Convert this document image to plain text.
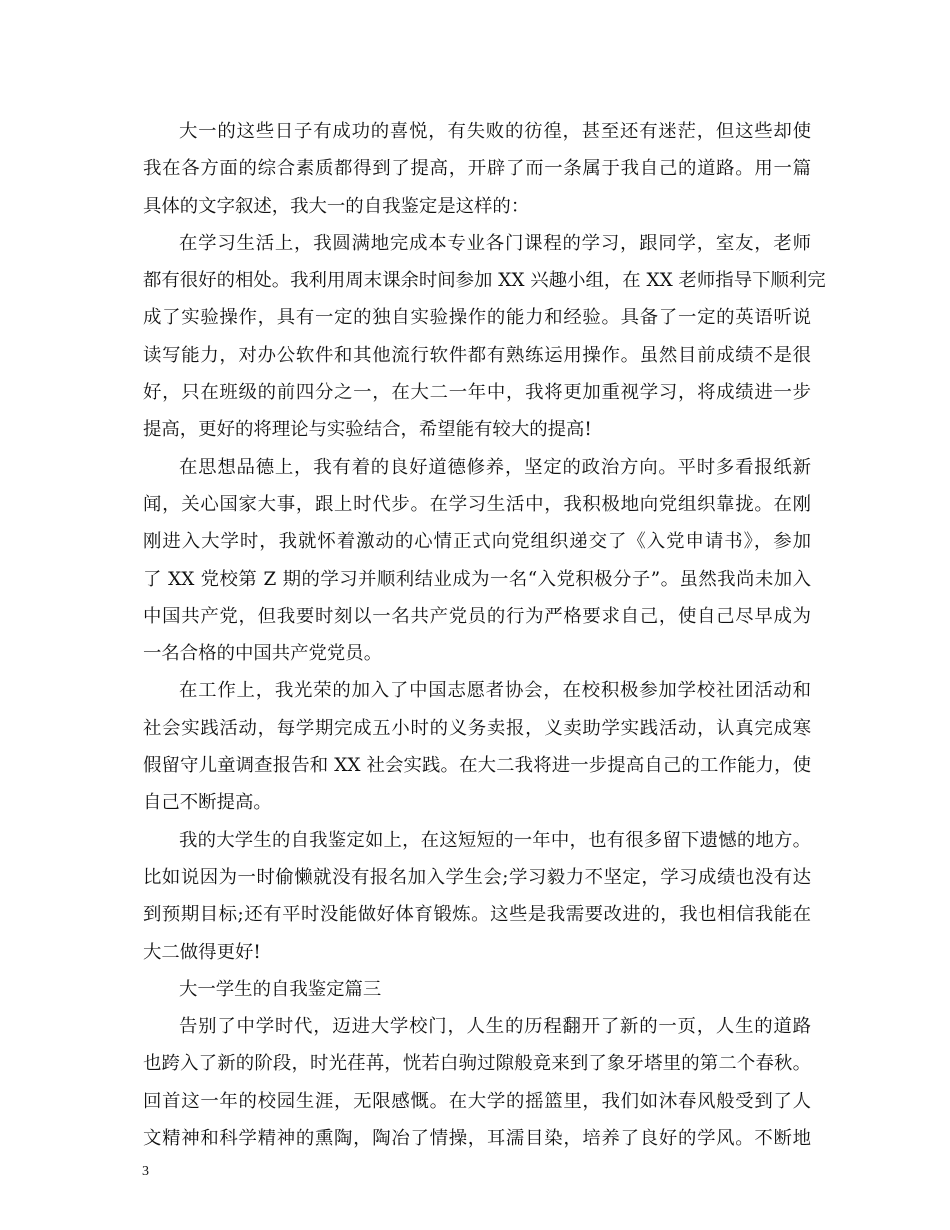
大一的这些日子有成功的喜悦，有失败的彷徨，甚至还有迷茫，但这些却使
我在各方面的综合素质都得到了提高，开辟了而一条属于我自己的道路。用一篇
具体的文字叙述，我大一的自我鉴定是这样的：
在学习生活上，我圆满地完成本专业各门课程的学习，跟同学，室友，老师
都有很好的相处。我利用周末课余时间参加 XX 兴趣小组，在 XX 老师指导下顺利完
成了实验操作，具有一定的独自实验操作的能力和经验。具备了一定的英语听说
读写能力，对办公软件和其他流行软件都有熟练运用操作。虽然目前成绩不是很
好，只在班级的前四分之一，在大二一年中，我将更加重视学习，将成绩进一步
提高，更好的将理论与实验结合，希望能有较大的提高!
在思想品德上，我有着的良好道德修养，坚定的政治方向。平时多看报纸新
闻，关心国家大事，跟上时代步。在学习生活中，我积极地向党组织靠拢。在刚
刚进入大学时，我就怀着激动的心情正式向党组织递交了《入党申请书》，参加
了 XX 党校第 Z 期的学习并顺利结业成为一名“入党积极分子”。虽然我尚未加入
中国共产党，但我要时刻以一名共产党员的行为严格要求自己，使自己尽早成为
一名合格的中国共产党党员。
在工作上，我光荣的加入了中国志愿者协会，在校积极参加学校社团活动和
社会实践活动，每学期完成五小时的义务卖报，义卖助学实践活动，认真完成寒
假留守儿童调查报告和 XX 社会实践。在大二我将进一步提高自己的工作能力，使
自己不断提高。
我的大学生的自我鉴定如上，在这短短的一年中，也有很多留下遗憾的地方。
比如说因为一时偷懒就没有报名加入学生会;学习毅力不坚定，学习成绩也没有达
到预期目标;还有平时没能做好体育锻炼。这些是我需要改进的，我也相信我能在
大二做得更好!
大一学生的自我鉴定篇三
告别了中学时代，迈进大学校门，人生的历程翻开了新的一页，人生的道路
也跨入了新的阶段，时光荏苒，恍若白驹过隙般竟来到了象牙塔里的第二个春秋。
回首这一年的校园生涯，无限感慨。在大学的摇篮里，我们如沐春风般受到了人
文精神和科学精神的熏陶，陶冶了情操，耳濡目染，培养了良好的学风。不断地
3
